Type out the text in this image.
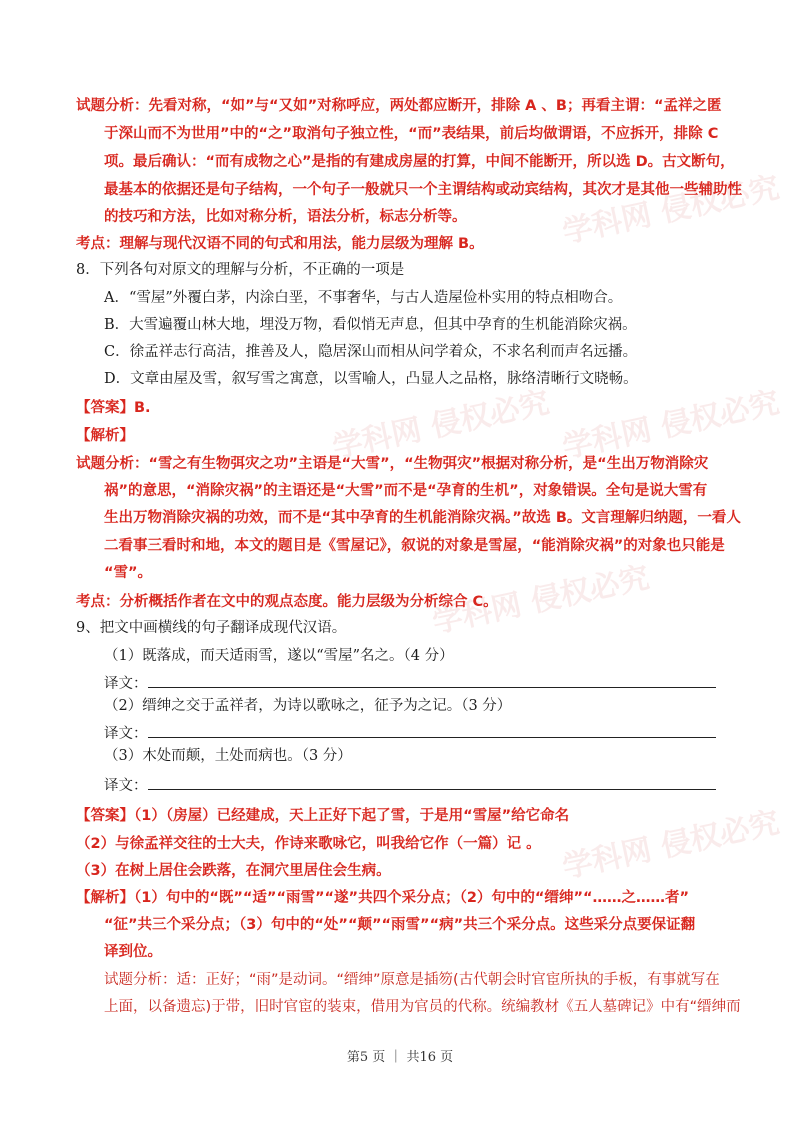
学科网 侵权必究
学科网 侵权必究 学科网 侵权必究
学科网 侵权必究
学科网 侵权必究
试题分析：先看对称，“如”与“又如”对称呼应，两处都应断开，排除 A 、B；再看主谓：“孟祥之匿
于深山而不为世用”中的“之”取消句子独立性，“而”表结果，前后均做谓语，不应拆开，排除 C
项。最后确认：“而有成物之心”是指的有建成房屋的打算，中间不能断开，所以选 D。古文断句，
最基本的依据还是句子结构，一个句子一般就只一个主谓结构或动宾结构，其次才是其他一些辅助性
的技巧和方法，比如对称分析，语法分析，标志分析等。
考点：理解与现代汉语不同的句式和用法，能力层级为理解 B。
8．下列各句对原文的理解与分析，不正确的一项是
A．“雪屋”外覆白茅，内涂白垩，不事奢华，与古人造屋俭朴实用的特点相吻合。
B．大雪遍覆山林大地，埋没万物，看似悄无声息，但其中孕育的生机能消除灾祸。
C．徐孟祥志行高洁，推善及人，隐居深山而相从问学着众，不求名利而声名远播。
D．文章由屋及雪，叙写雪之寓意，以雪喻人，凸显人之品格，脉络清晰行文晓畅。
【答案】B.
【解析】
试题分析：“雪之有生物弭灾之功”主语是“大雪”，“生物弭灾”根据对称分析，是“生出万物消除灾
祸”的意思，“消除灾祸”的主语还是“大雪”而不是“孕育的生机”，对象错误。全句是说大雪有
生出万物消除灾祸的功效，而不是“其中孕育的生机能消除灾祸。”故选 B。文言理解归纳题，一看人
二看事三看时和地，本文的题目是《雪屋记》，叙说的对象是雪屋，“能消除灾祸”的对象也只能是
“雪”。
考点：分析概括作者在文中的观点态度。能力层级为分析综合 C。
9、把文中画横线的句子翻译成现代汉语。
（1）既落成，而天适雨雪，遂以“雪屋”名之。（4 分）
译文：
（2）缙绅之交于孟祥者，为诗以歌咏之，征予为之记。（3 分）
译文：
（3）木处而颠，土处而病也。（3 分）
译文：
【答案】（1）（房屋）已经建成，天上正好下起了雪，于是用“雪屋”给它命名
（2）与徐孟祥交往的士大夫，作诗来歌咏它，叫我给它作（一篇）记 。
（3）在树上居住会跌落，在洞穴里居住会生病。
【解析】（1）句中的“既”“适”“雨雪”“遂”共四个采分点；（2）句中的“缙绅”“……之……者”
“征”共三个采分点；（3）句中的“处”“颠”“雨雪”“病”共三个采分点。这些采分点要保证翻
译到位。
试题分析：适：正好；“雨”是动词。“缙绅”原意是插笏(古代朝会时官宦所执的手板，有事就写在
上面，以备遗忘)于带，旧时官宦的装束，借用为官员的代称。统编教材《五人墓碑记》中有“缙绅而
第5 页 ｜ 共16 页
